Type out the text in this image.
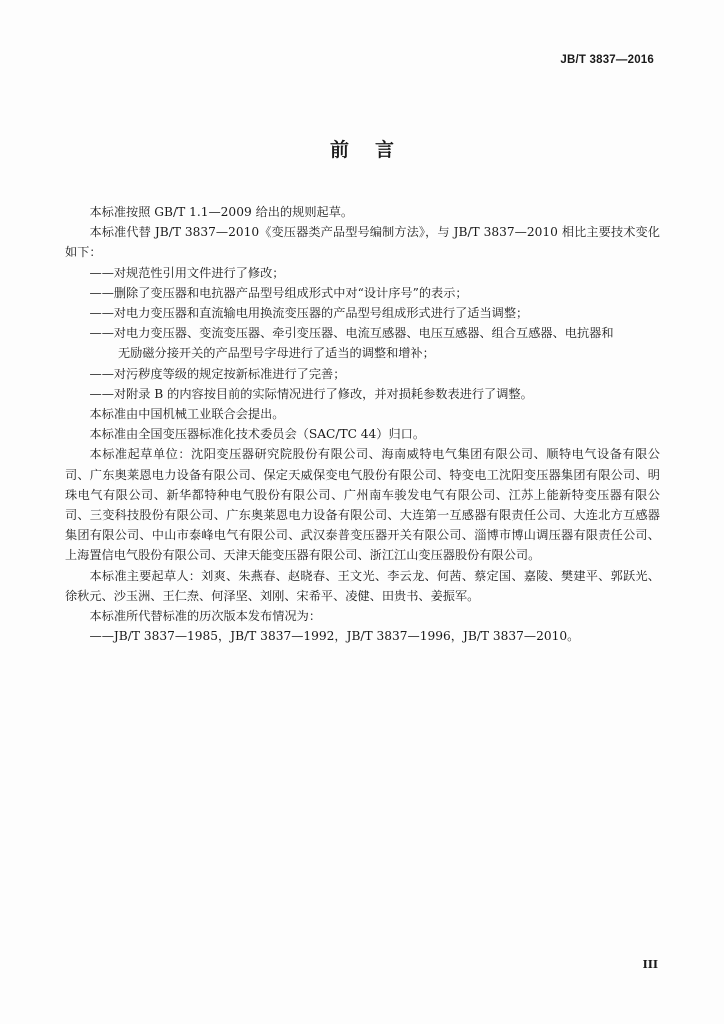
JB/T 3837—2016
前言

本标准按照 GB/T 1.1—2009 给出的规则起草。

本标准代替 JB/T 3837—2010《变压器类产品型号编制方法》，与 JB/T 3837—2010 相比主要技术变化如下：

——对规范性引用文件进行了修改；

——删除了变压器和电抗器产品型号组成形式中对“设计序号”的表示；

——对电力变压器和直流输电用换流变压器的产品型号组成形式进行了适当调整；

——对电力变压器、变流变压器、牵引变压器、电流互感器、电压互感器、组合互感器、电抗器和

无励磁分接开关的产品型号字母进行了适当的调整和增补；

——对污秽度等级的规定按新标准进行了完善；

——对附录 B 的内容按目前的实际情况进行了修改，并对损耗参数表进行了调整。

本标准由中国机械工业联合会提出。

本标准由全国变压器标准化技术委员会（SAC/TC 44）归口。

本标准起草单位：沈阳变压器研究院股份有限公司、海南威特电气集团有限公司、顺特电气设备有限公司、广东奥莱恩电力设备有限公司、保定天威保变电气股份有限公司、特变电工沈阳变压器集团有限公司、明珠电气有限公司、新华都特种电气股份有限公司、广州南车骏发电气有限公司、江苏上能新特变压器有限公司、三变科技股份有限公司、广东奥莱恩电力设备有限公司、大连第一互感器有限责任公司、大连北方互感器集团有限公司、中山市泰峰电气有限公司、武汉泰普变压器开关有限公司、淄博市博山调压器有限责任公司、上海置信电气股份有限公司、天津天能变压器有限公司、浙江江山变压器股份有限公司。

本标准主要起草人：刘爽、朱燕春、赵晓春、王文光、李云龙、何茜、蔡定国、嘉陵、樊建平、郭跃光、徐秋元、沙玉洲、王仁焘、何泽坚、刘刚、宋希平、凌健、田贵书、姜振军。

本标准所代替标准的历次版本发布情况为：

——JB/T 3837—1985，JB/T 3837—1992，JB/T 3837—1996，JB/T 3837—2010。

III
